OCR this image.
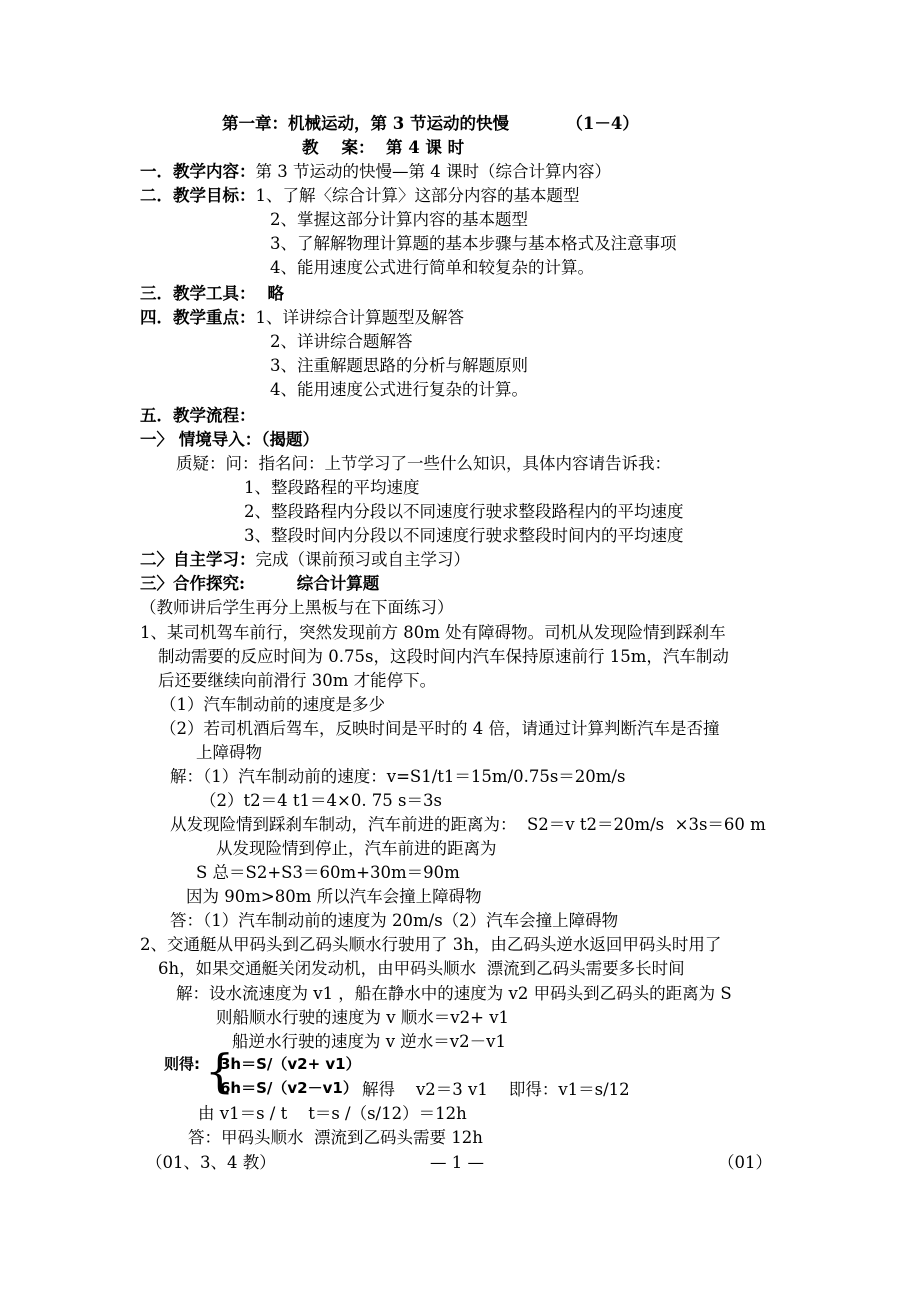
第一章：机械运动，第 3 节运动的快慢          （1－4）
教    案：  第 4 课 时
一．教学内容：第 3 节运动的快慢—第 4 课时（综合计算内容）
二．教学目标：1、了解〈综合计算〉这部分内容的基本题型
2、掌握这部分计算内容的基本题型
3、了解解物理计算题的基本步骤与基本格式及注意事项
4、能用速度公式进行简单和较复杂的计算。
三．教学工具： 略
四．教学重点：1、详讲综合计算题型及解答
2、详讲综合题解答
3、注重解题思路的分析与解题原则
4、能用速度公式进行复杂的计算。
五．教学流程：
一〉 情境导入：（揭题）
质疑：问：指名问：上节学习了一些什么知识，具体内容请告诉我：
1、整段路程的平均速度
2、整段路程内分段以不同速度行驶求整段路程内的平均速度
3、整段时间内分段以不同速度行驶求整段时间内的平均速度
二〉自主学习：完成（课前预习或自主学习）
三〉合作探究:         综合计算题
（教师讲后学生再分上黑板与在下面练习）
1、某司机驾车前行，突然发现前方 80m 处有障碍物。司机从发现险情到踩刹车
制动需要的反应时间为 0.75s，这段时间内汽车保持原速前行 15m，汽车制动
后还要继续向前滑行 30m 才能停下。
（1）汽车制动前的速度是多少
（2）若司机酒后驾车，反映时间是平时的 4 倍，请通过计算判断汽车是否撞
上障碍物
解：（1）汽车制动前的速度：v=S1/t1＝15m/0.75s＝20m/s
（2）t2＝4 t1＝4×0. 75 s＝3s
从发现险情到踩刹车制动，汽车前进的距离为：  S2＝v t2＝20m/s  ×3s＝60 m
从发现险情到停止，汽车前进的距离为
S 总＝S2+S3＝60m+30m＝90m
因为 90m>80m 所以汽车会撞上障碍物
答：（1）汽车制动前的速度为 20m/s（2）汽车会撞上障碍物
2、交通艇从甲码头到乙码头顺水行驶用了 3h，由乙码头逆水返回甲码头时用了
6h，如果交通艇关闭发动机，由甲码头顺水  漂流到乙码头需要多长时间
解：设水流速度为 v1 ，船在静水中的速度为 v2 甲码头到乙码头的距离为 S
则船顺水行驶的速度为 v 顺水＝v2+ v1
船逆水行驶的速度为 v 逆水＝v2－v1
则得: {
3h＝S/（v2+ v1）
6h＝S/（v2－v1） 解得    v2＝3 v1    即得：v1＝s/12
由 v1＝s / t    t＝s /（s/12）＝12h
答：甲码头顺水  漂流到乙码头需要 12h
（01、3、4 教）	— 1 —	（01）
